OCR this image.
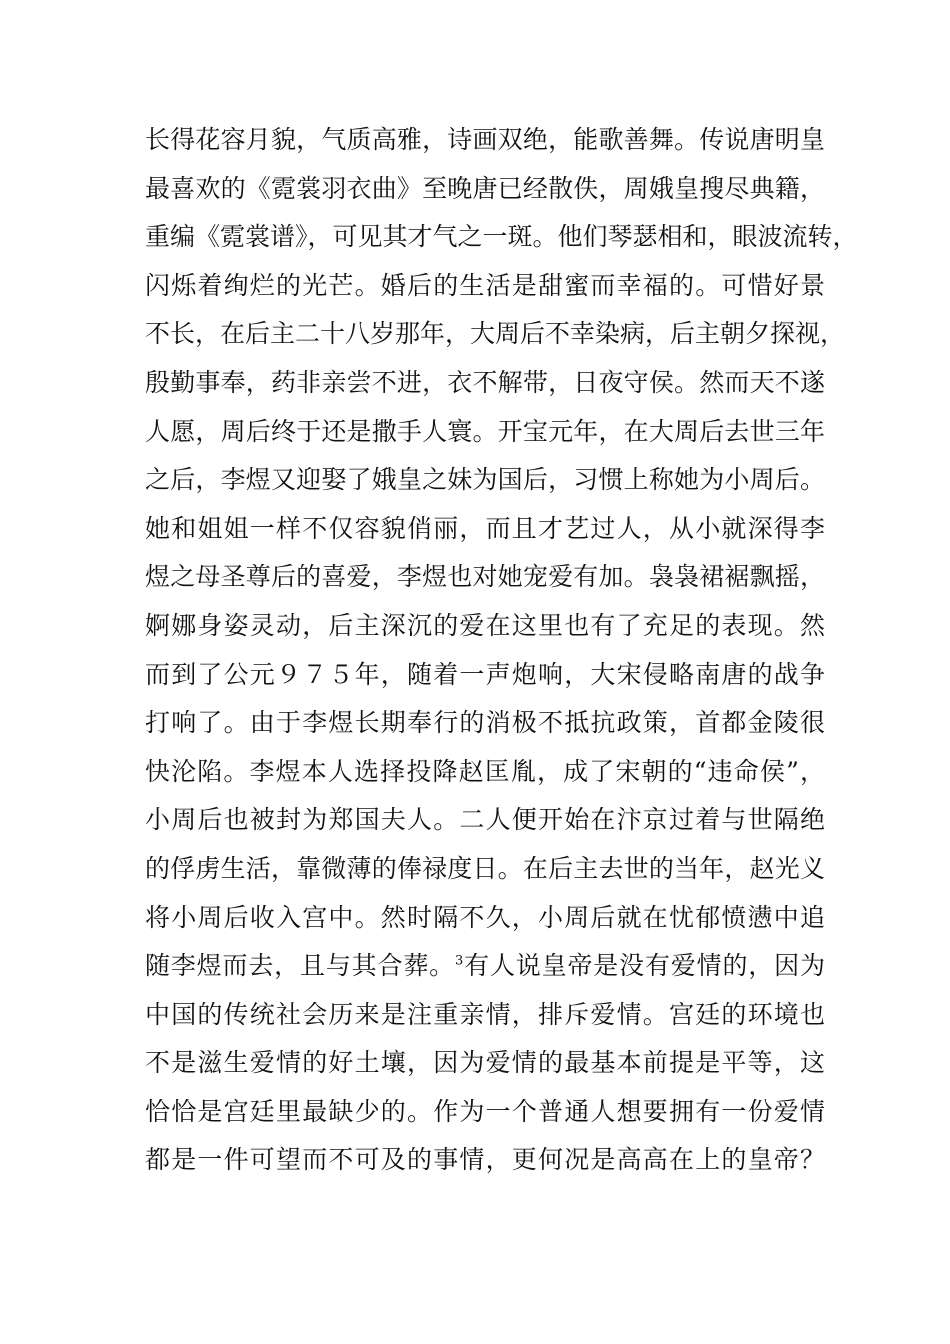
长得花容月貌，气质高雅，诗画双绝，能歌善舞。传说唐明皇
最喜欢的《霓裳羽衣曲》至晚唐已经散佚，周娥皇搜尽典籍，
重编《霓裳谱》，可见其才气之一斑。他们琴瑟相和，眼波流转，
闪烁着绚烂的光芒。婚后的生活是甜蜜而幸福的。可惜好景
不长，在后主二十八岁那年，大周后不幸染病，后主朝夕探视，
殷勤事奉，药非亲尝不进，衣不解带，日夜守侯。然而天不遂
人愿，周后终于还是撒手人寰。开宝元年，在大周后去世三年
之后，李煜又迎娶了娥皇之妹为国后，习惯上称她为小周后。
她和姐姐一样不仅容貌俏丽，而且才艺过人，从小就深得李
煜之母圣尊后的喜爱，李煜也对她宠爱有加。袅袅裙裾飘摇，
婀娜身姿灵动，后主深沉的爱在这里也有了充足的表现。然
而到了公元９７５年，随着一声炮响，大宋侵略南唐的战争
打响了。由于李煜长期奉行的消极不抵抗政策，首都金陵很
快沦陷。李煜本人选择投降赵匡胤，成了宋朝的“违命侯”，
小周后也被封为郑国夫人。二人便开始在汴京过着与世隔绝
的俘虏生活，靠微薄的俸禄度日。在后主去世的当年，赵光义
将小周后收入宫中。然时隔不久，小周后就在忧郁愤懑中追
随李煜而去，且与其合葬。$^3$有人说皇帝是没有爱情的，因为
中国的传统社会历来是注重亲情，排斥爱情。宫廷的环境也
不是滋生爱情的好土壤，因为爱情的最基本前提是平等，这
恰恰是宫廷里最缺少的。作为一个普通人想要拥有一份爱情
都是一件可望而不可及的事情，更何况是高高在上的皇帝？
